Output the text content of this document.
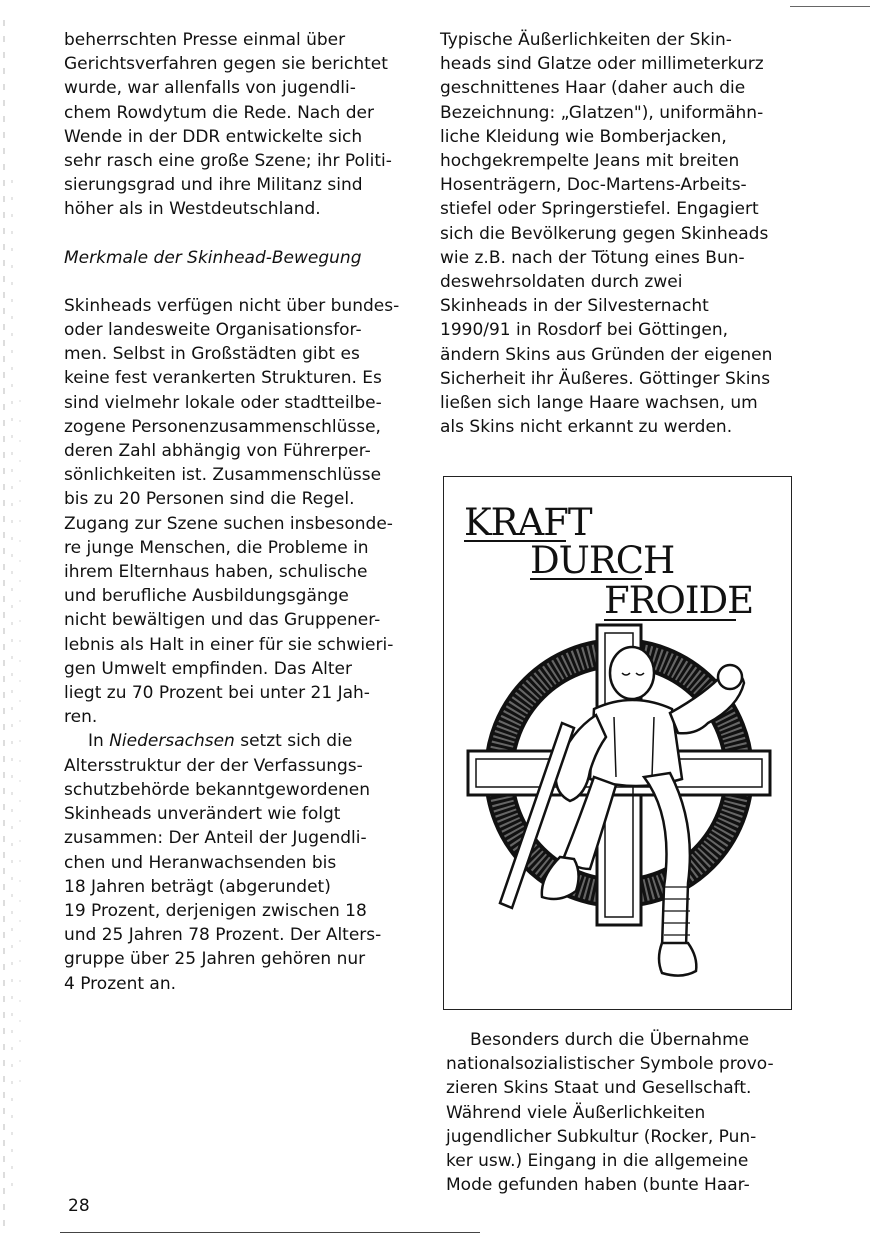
beherrschten Presse einmal über
Gerichtsverfahren gegen sie berichtet
wurde, war allenfalls von jugendli-
chem Rowdytum die Rede. Nach der
Wende in der DDR entwickelte sich
sehr rasch eine große Szene; ihr Politi-
sierungsgrad und ihre Militanz sind
höher als in Westdeutschland.
Merkmale der Skinhead-Bewegung
Skinheads verfügen nicht über bundes-
oder landesweite Organisationsfor-
men. Selbst in Großstädten gibt es
keine fest verankerten Strukturen. Es
sind vielmehr lokale oder stadtteilbe-
zogene Personenzusammenschlüsse,
deren Zahl abhängig von Führerper-
sönlichkeiten ist. Zusammenschlüsse
bis zu 20 Personen sind die Regel.
Zugang zur Szene suchen insbesonde-
re junge Menschen, die Probleme in
ihrem Elternhaus haben, schulische
und berufliche Ausbildungsgänge
nicht bewältigen und das Gruppener-
lebnis als Halt in einer für sie schwieri-
gen Umwelt empfinden. Das Alter
liegt zu 70 Prozent bei unter 21 Jah-
ren.
In Niedersachsen setzt sich die
Altersstruktur der der Verfassungs-
schutzbehörde bekanntgewordenen
Skinheads unverändert wie folgt
zusammen: Der Anteil der Jugendli-
chen und Heranwachsenden bis
18 Jahren beträgt (abgerundet)
19 Prozent, derjenigen zwischen 18
und 25 Jahren 78 Prozent. Der Alters-
gruppe über 25 Jahren gehören nur
4 Prozent an.
Typische Äußerlichkeiten der Skin-
heads sind Glatze oder millimeterkurz
geschnittenes Haar (daher auch die
Bezeichnung: „Glatzen"), uniformähn-
liche Kleidung wie Bomberjacken,
hochgekrempelte Jeans mit breiten
Hosenträgern, Doc-Martens-Arbeits-
stiefel oder Springerstiefel. Engagiert
sich die Bevölkerung gegen Skinheads
wie z.B. nach der Tötung eines Bun-
deswehrsoldaten durch zwei
Skinheads in der Silvesternacht
1990/91 in Rosdorf bei Göttingen,
ändern Skins aus Gründen der eigenen
Sicherheit ihr Äußeres. Göttinger Skins
ließen sich lange Haare wachsen, um
als Skins nicht erkannt zu werden.
KRAFT
DURCH
FROIDE
Besonders durch die Übernahme
nationalsozialistischer Symbole provo-
zieren Skins Staat und Gesellschaft.
Während viele Äußerlichkeiten
jugendlicher Subkultur (Rocker, Pun-
ker usw.) Eingang in die allgemeine
Mode gefunden haben (bunte Haar-
28
